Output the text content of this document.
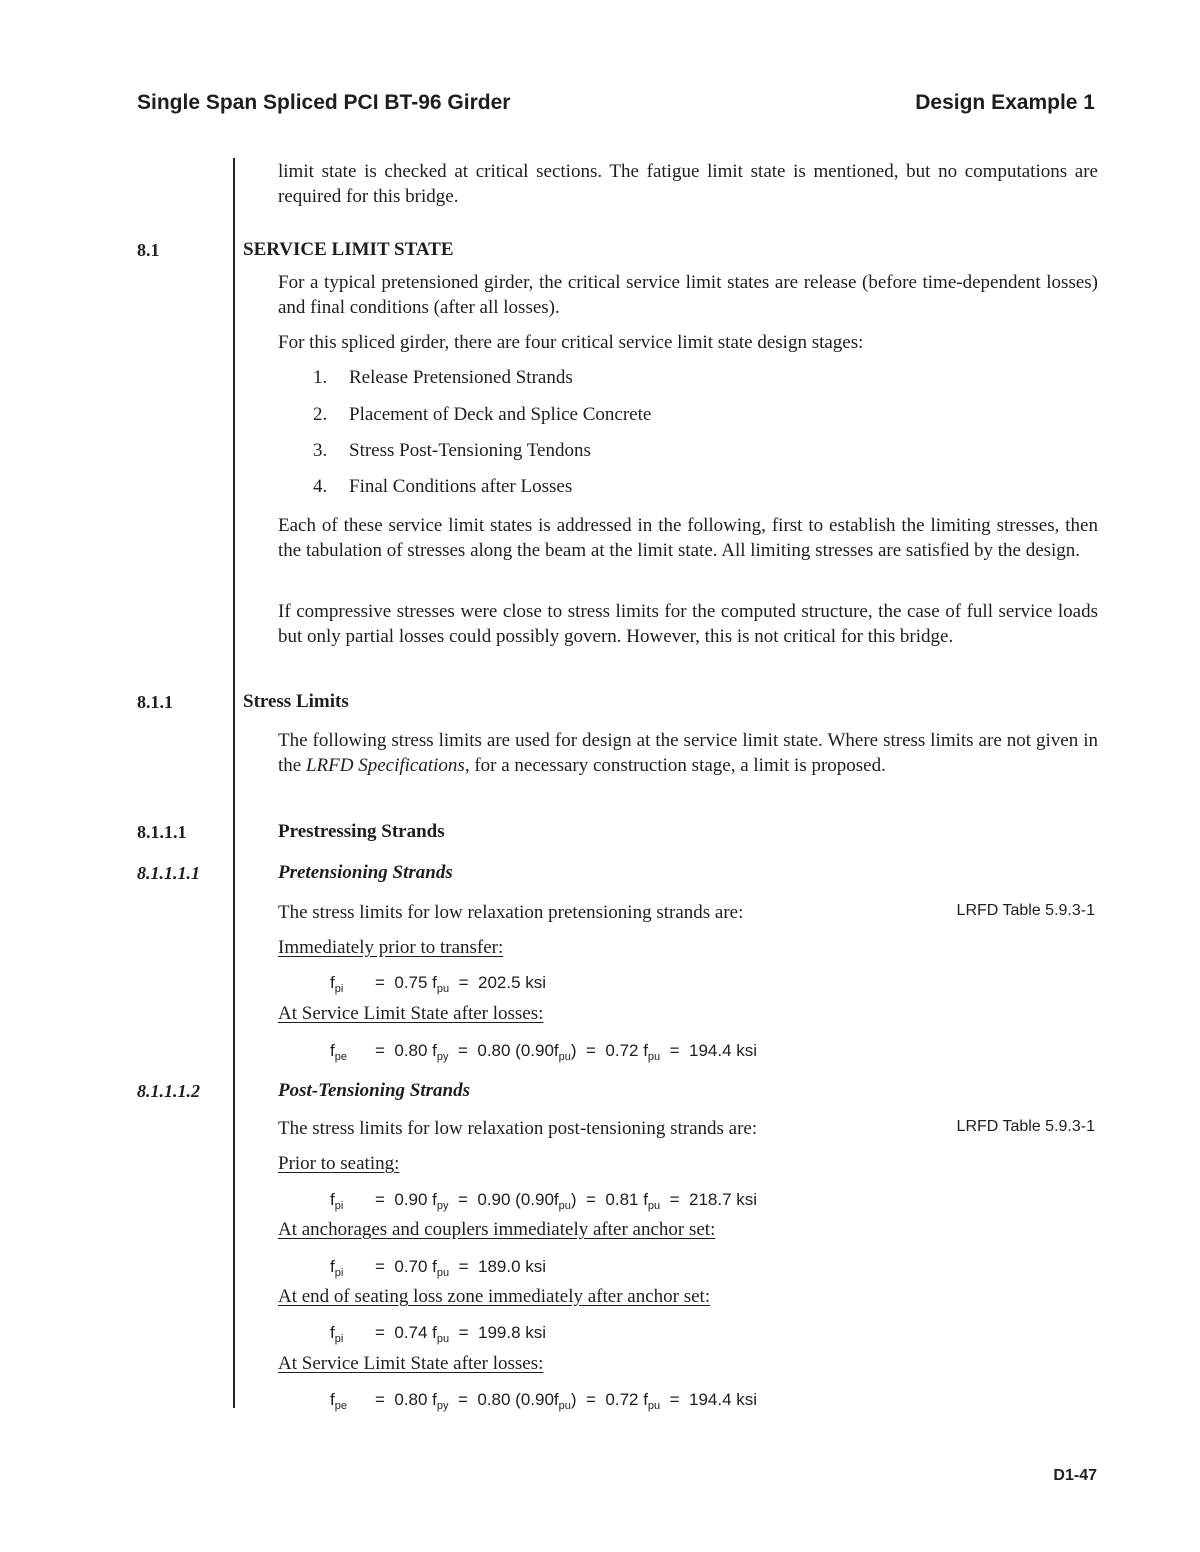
Single Span Spliced PCI BT-96 Girder	Design Example 1
limit state is checked at critical sections. The fatigue limit state is mentioned, but no computations are required for this bridge.
8.1	SERVICE LIMIT STATE
For a typical pretensioned girder, the critical service limit states are release (before time-dependent losses) and final conditions (after all losses).
For this spliced girder, there are four critical service limit state design stages:
1. Release Pretensioned Strands
2. Placement of Deck and Splice Concrete
3. Stress Post-Tensioning Tendons
4. Final Conditions after Losses
Each of these service limit states is addressed in the following, first to establish the limiting stresses, then the tabulation of stresses along the beam at the limit state. All limiting stresses are satisfied by the design.
If compressive stresses were close to stress limits for the computed structure, the case of full service loads but only partial losses could possibly govern. However, this is not critical for this bridge.
8.1.1	Stress Limits
The following stress limits are used for design at the service limit state. Where stress limits are not given in the LRFD Specifications, for a necessary construction stage, a limit is proposed.
8.1.1.1	Prestressing Strands
8.1.1.1.1	Pretensioning Strands
The stress limits for low relaxation pretensioning strands are:	LRFD Table 5.9.3-1
Immediately prior to transfer:
$f_{pi} = 0.75$ $f_{pu} = 202.5$ ksi
At Service Limit State after losses:
$f_{pe} = 0.80$ $f_{py} = 0.80$ $(0.90f_{pu}) = 0.72$ $f_{pu} = 194.4$ ksi
8.1.1.1.2	Post-Tensioning Strands
The stress limits for low relaxation post-tensioning strands are:	LRFD Table 5.9.3-1
Prior to seating:
$f_{pi} = 0.90$ $f_{py} = 0.90$ $(0.90f_{pu}) = 0.81$ $f_{pu} = 218.7$ ksi
At anchorages and couplers immediately after anchor set:
$f_{pi} = 0.70$ $f_{pu} = 189.0$ ksi
At end of seating loss zone immediately after anchor set:
$f_{pi} = 0.74$ $f_{pu} = 199.8$ ksi
At Service Limit State after losses:
$f_{pe} = 0.80$ $f_{py} = 0.80$ $(0.90f_{pu}) = 0.72$ $f_{pu} = 194.4$ ksi
D1-47
